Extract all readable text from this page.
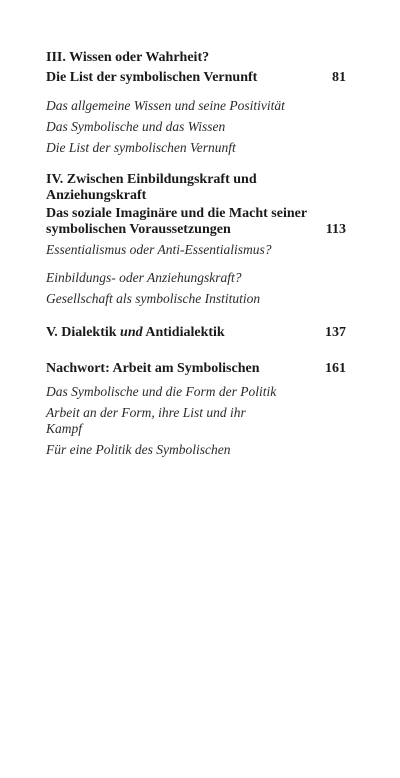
III. Wissen oder Wahrheit?
Die List der symbolischen Vernunft	81
Das allgemeine Wissen und seine Positivität
Das Symbolische und das Wissen
Die List der symbolischen Vernunft
IV. Zwischen Einbildungskraft und
Anziehungskraft
Das soziale Imaginäre und die Macht seiner
symbolischen Voraussetzungen	113
Essentialismus oder Anti-Essentialismus?
Einbildungs- oder Anziehungskraft?
Gesellschaft als symbolische Institution
V. Dialektik und Antidialektik	137
Nachwort: Arbeit am Symbolischen	161
Das Symbolische und die Form der Politik
Arbeit an der Form, ihre List und ihr
Kampf
Für eine Politik des Symbolischen
